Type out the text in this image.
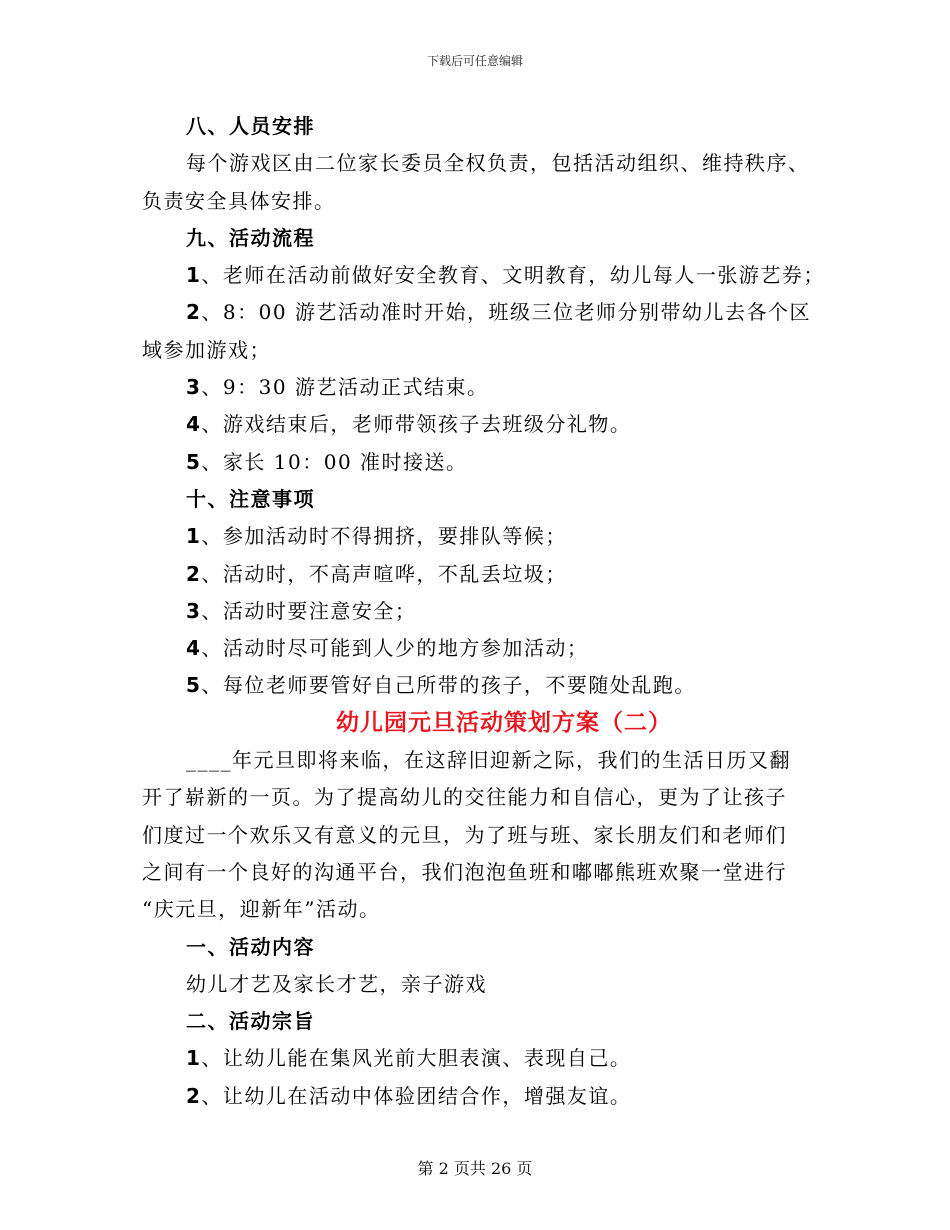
下载后可任意编辑
八、人员安排
每个游戏区由二位家长委员全权负责，包括活动组织、维持秩序、
负责安全具体安排。
九、活动流程
1、老师在活动前做好安全教育、文明教育，幼儿每人一张游艺券；
2、8：00 游艺活动准时开始，班级三位老师分别带幼儿去各个区
域参加游戏；
3、9：30 游艺活动正式结束。
4、游戏结束后，老师带领孩子去班级分礼物。
5、家长 10：00 准时接送。
十、注意事项
1、参加活动时不得拥挤，要排队等候；
2、活动时，不高声喧哗，不乱丢垃圾；
3、活动时要注意安全；
4、活动时尽可能到人少的地方参加活动；
5、每位老师要管好自己所带的孩子，不要随处乱跑。
幼儿园元旦活动策划方案（二）
____年元旦即将来临，在这辞旧迎新之际，我们的生活日历又翻
开了崭新的一页。为了提高幼儿的交往能力和自信心，更为了让孩子
们度过一个欢乐又有意义的元旦，为了班与班、家长朋友们和老师们
之间有一个良好的沟通平台，我们泡泡鱼班和嘟嘟熊班欢聚一堂进行
“庆元旦，迎新年”活动。
一、活动内容
幼儿才艺及家长才艺，亲子游戏
二、活动宗旨
1、让幼儿能在集风光前大胆表演、表现自己。
2、让幼儿在活动中体验团结合作，增强友谊。
第 2 页共 26 页
